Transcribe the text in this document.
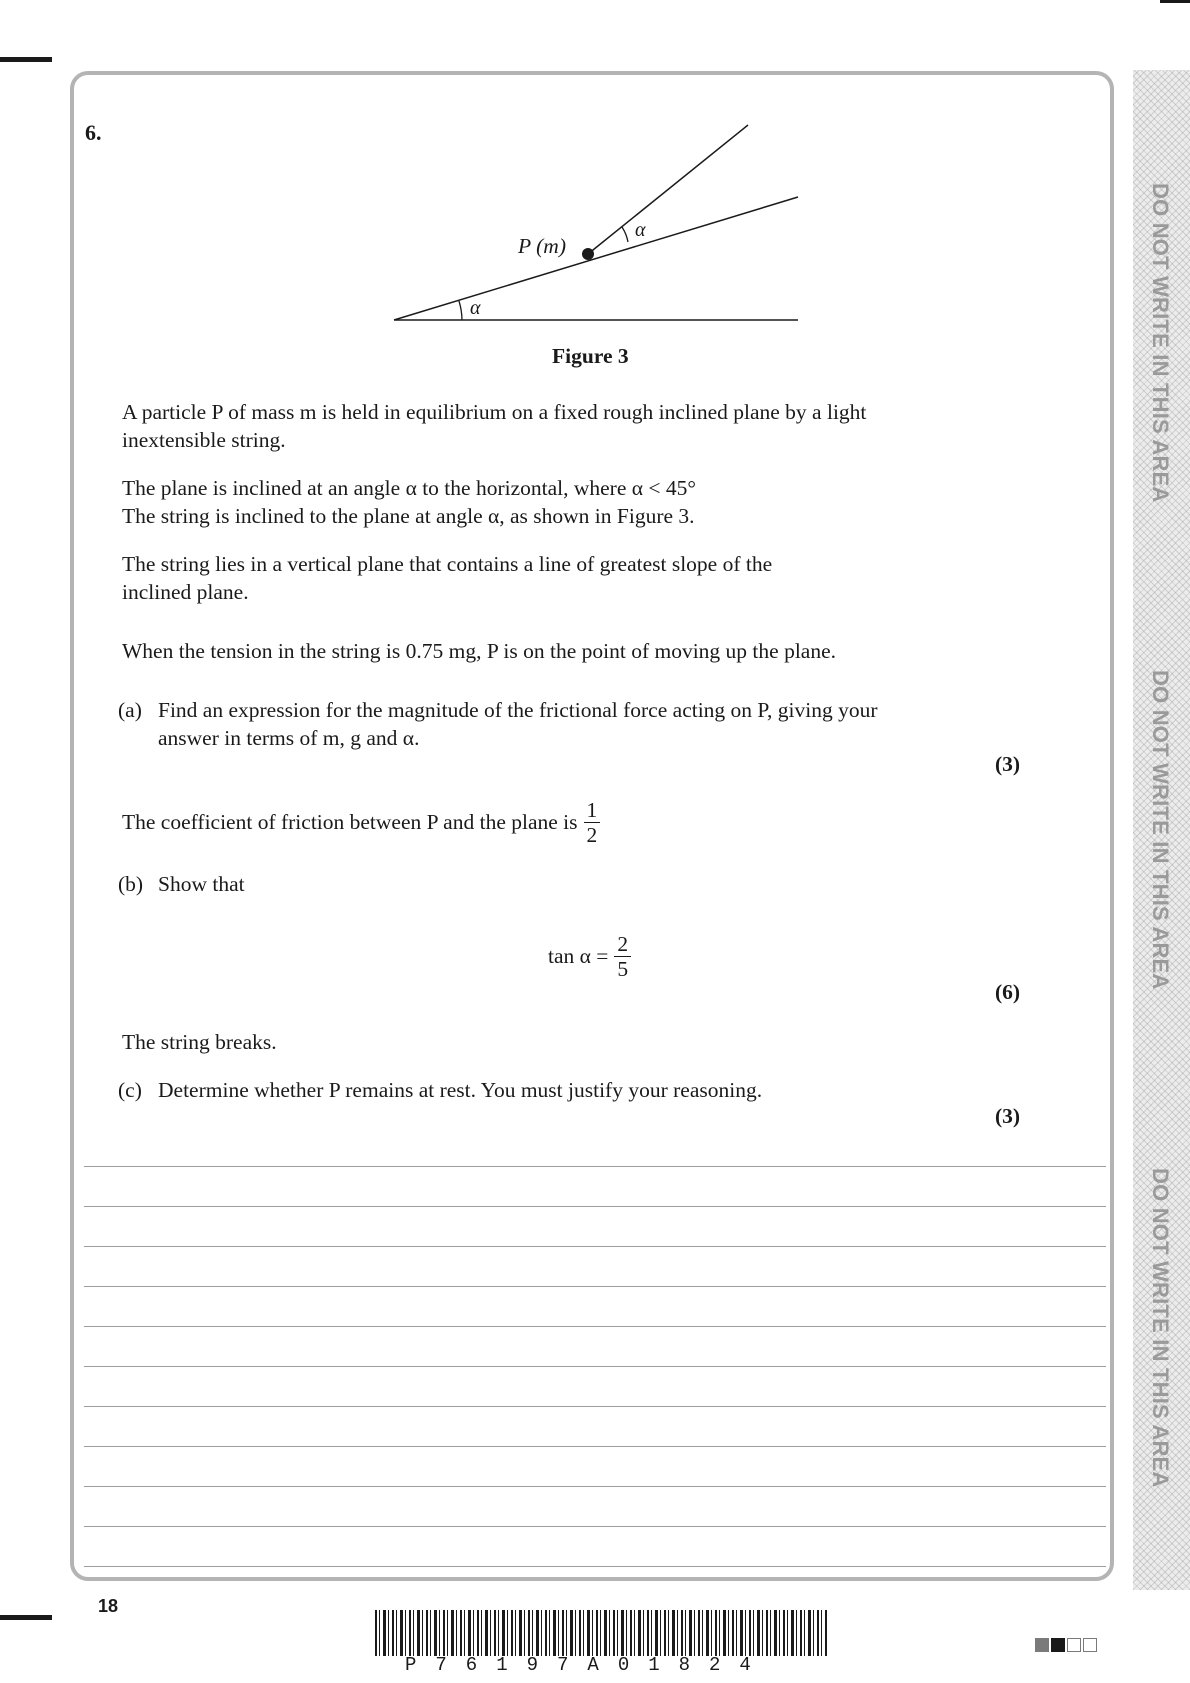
DO NOT WRITE IN THIS AREA
DO NOT WRITE IN THIS AREA
DO NOT WRITE IN THIS AREA
6.
P (m)
α
α
Figure 3
A particle P of mass m is held in equilibrium on a fixed rough inclined plane by a light
inextensible string.
The plane is inclined at an angle α to the horizontal, where α < 45°
The string is inclined to the plane at angle α, as shown in Figure 3.
The string lies in a vertical plane that contains a line of greatest slope of the
inclined plane.
When the tension in the string is 0.75 mg, P is on the point of moving up the plane.
(a) Find an expression for the magnitude of the frictional force acting on P, giving your
answer in terms of m, g and α.
(3)
The coefficient of friction between P and the plane is $\frac{1}{2}$
(b) Show that
$\tan \alpha = \frac{2}{5}$
(6)
The string breaks.
(c) Determine whether P remains at rest. You must justify your reasoning.
(3)
18
P76197A01824
